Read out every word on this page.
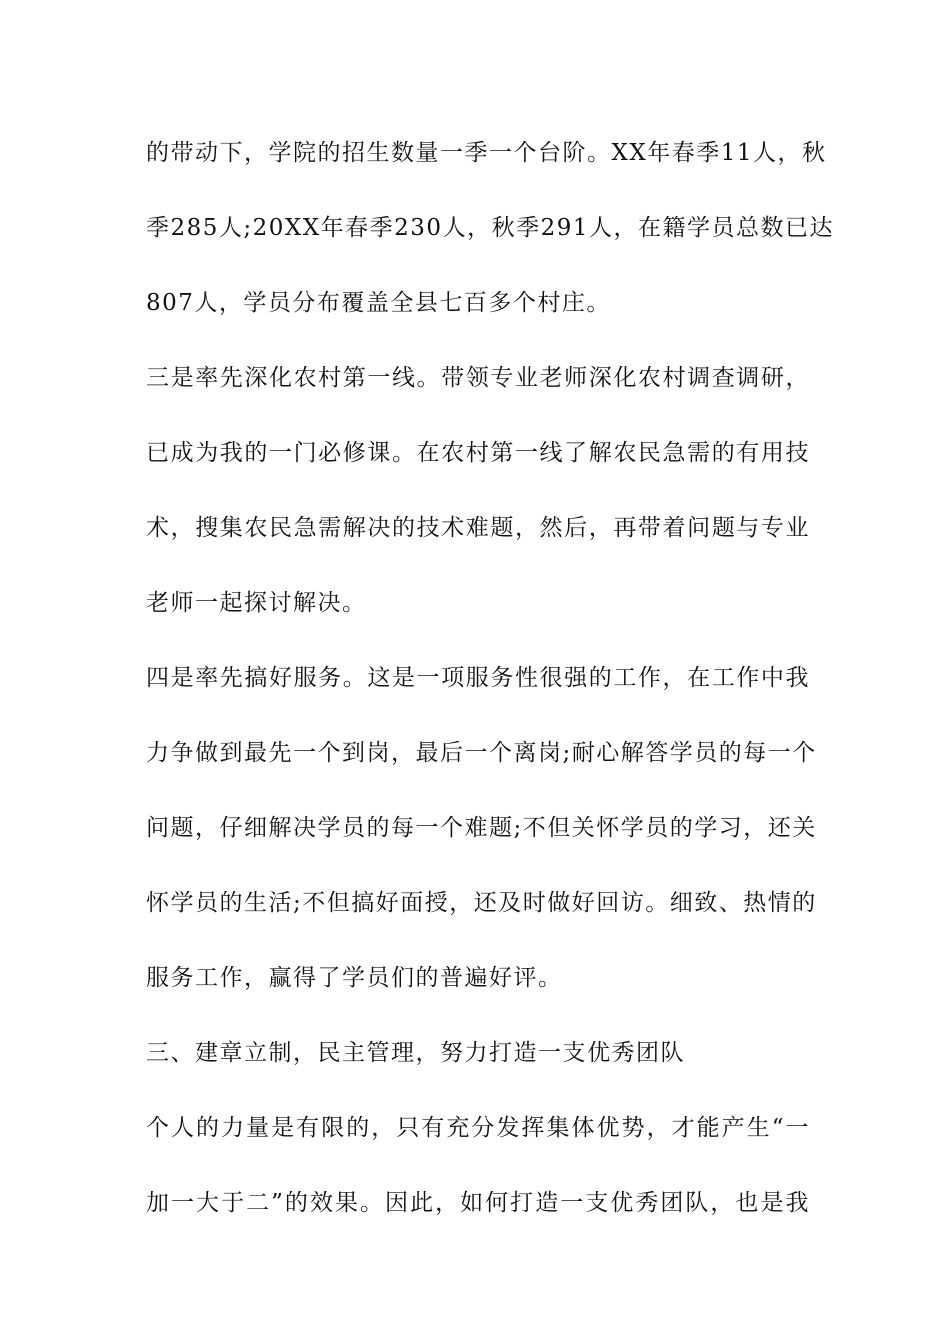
的带动下，学院的招生数量一季一个台阶。XX年春季11人，秋
季285人;20XX年春季230人，秋季291人，在籍学员总数已达
807人，学员分布覆盖全县七百多个村庄。
三是率先深化农村第一线。带领专业老师深化农村调查调研，
已成为我的一门必修课。在农村第一线了解农民急需的有用技
术，搜集农民急需解决的技术难题，然后，再带着问题与专业
老师一起探讨解决。
四是率先搞好服务。这是一项服务性很强的工作，在工作中我
力争做到最先一个到岗，最后一个离岗;耐心解答学员的每一个
问题，仔细解决学员的每一个难题;不但关怀学员的学习，还关
怀学员的生活;不但搞好面授，还及时做好回访。细致、热情的
服务工作，赢得了学员们的普遍好评。
三、建章立制，民主管理，努力打造一支优秀团队
个人的力量是有限的，只有充分发挥集体优势，才能产生“一
加一大于二”的效果。因此，如何打造一支优秀团队，也是我
